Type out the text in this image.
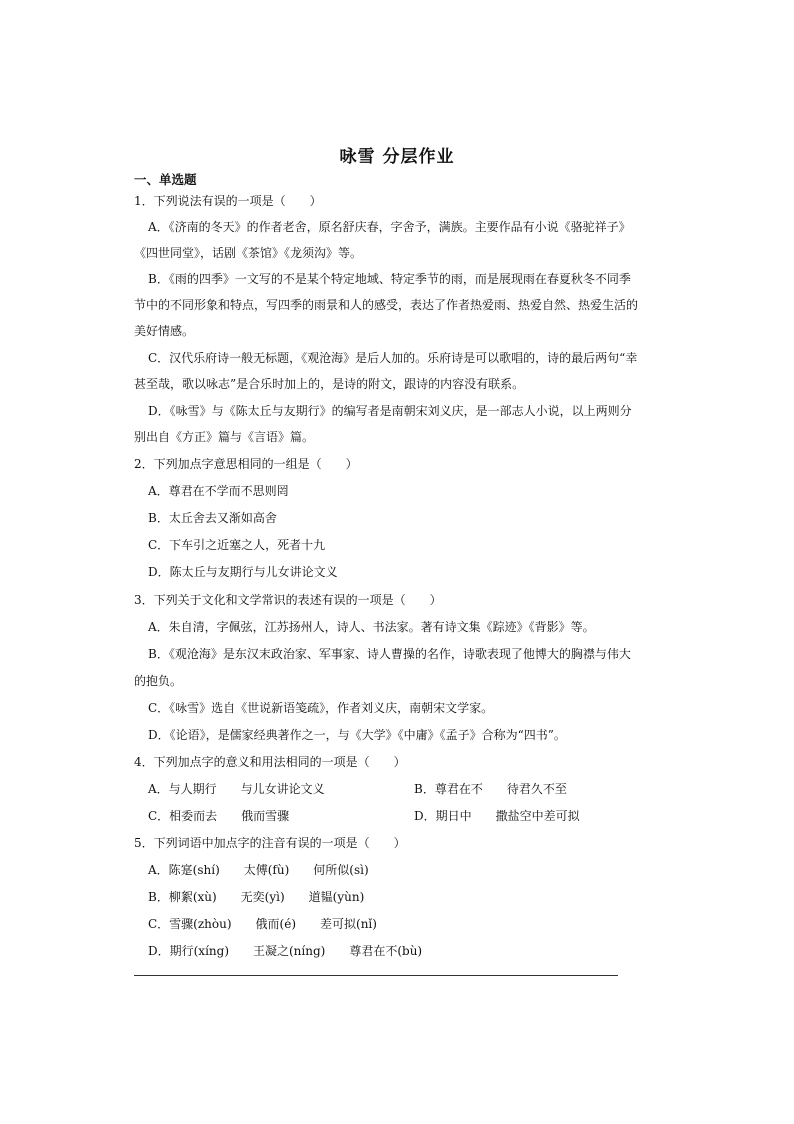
咏雪 分层作业
一、单选题
1．下列说法有误的一项是（　　）
A．《济南的冬天》的作者老舍，原名舒庆春，字舍予，满族。主要作品有小说《骆驼祥子》
《四世同堂》，话剧《茶馆》《龙须沟》等。
B．《雨的四季》一文写的不是某个特定地域、特定季节的雨，而是展现雨在春夏秋冬不同季
节中的不同形象和特点，写四季的雨景和人的感受，表达了作者热爱雨、热爱自然、热爱生活的
美好情感。
C．汉代乐府诗一般无标题，《观沧海》是后人加的。乐府诗是可以歌唱的，诗的最后两句“幸
甚至哉，歌以咏志”是合乐时加上的，是诗的附文，跟诗的内容没有联系。
D．《咏雪》与《陈太丘与友期行》的编写者是南朝宋刘义庆，是一部志人小说，以上两则分
别出自《方正》篇与《言语》篇。
2．下列加点字意思相同的一组是（　　）
A．尊君在不学而不思则罔
B．太丘舍去又渐如高舍
C．下车引之近塞之人，死者十九
D．陈太丘与友期行与儿女讲论文义
3．下列关于文化和文学常识的表述有误的一项是（　　）
A．朱自清，字佩弦，江苏扬州人，诗人、书法家。著有诗文集《踪迹》《背影》等。
B．《观沧海》是东汉末政治家、军事家、诗人曹操的名作，诗歌表现了他博大的胸襟与伟大
的抱负。
C．《咏雪》选自《世说新语笺疏》，作者刘义庆，南朝宋文学家。
D．《论语》，是儒家经典著作之一，与《大学》《中庸》《孟子》合称为“四书”。
4．下列加点字的意义和用法相同的一项是（　　）
A．与人期行　　与儿女讲论文义	B．尊君在不　　待君久不至
C．相委而去　　俄而雪骤	D．期日中　　撒盐空中差可拟
5．下列词语中加点字的注音有误的一项是（　　）
A．陈寔(shí)　　太傅(fù)　　何所似(sì)
B．柳絮(xù)　　无奕(yì)　　道韫(yùn)
C．雪骤(zhòu)　　俄而(é)　　差可拟(nǐ)
D．期行(xíng)　　王凝之(níng)　　尊君在不(bù)
